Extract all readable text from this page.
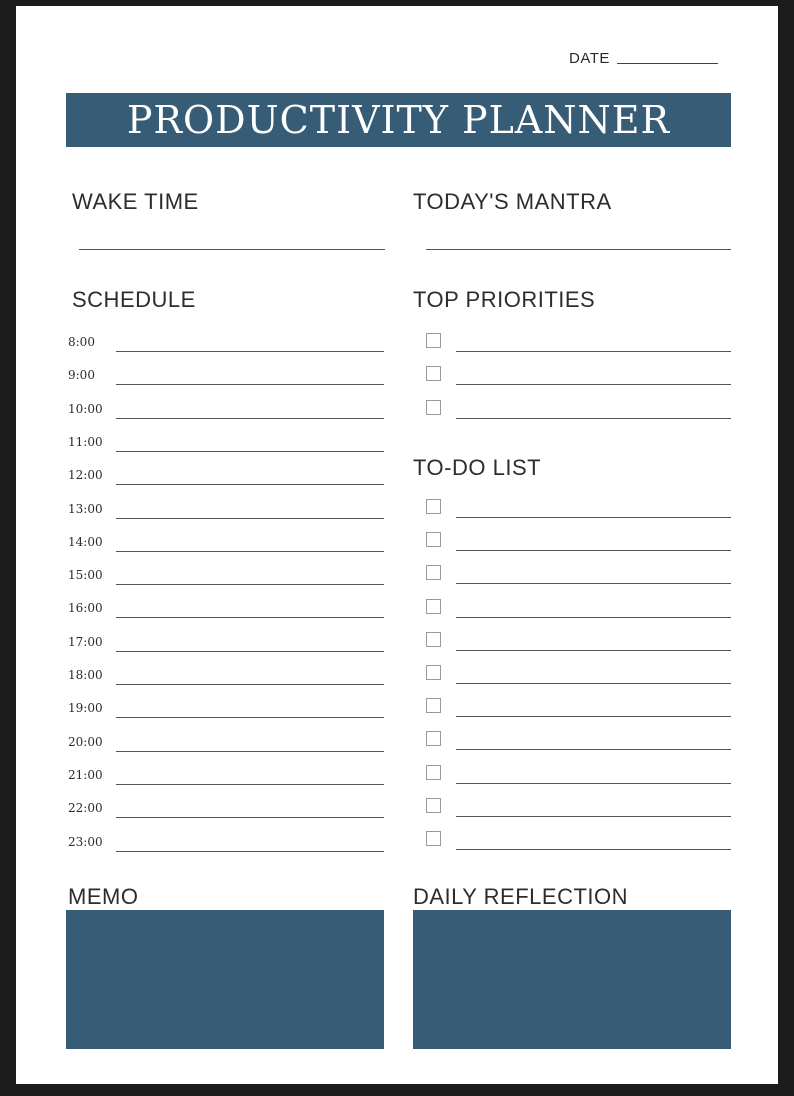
DATE
PRODUCTIVITY PLANNER
WAKE TIME	TODAY'S MANTRA
SCHEDULE
8:00
9:00
10:00
11:00
12:00
13:00
14:00
15:00
16:00
17:00
18:00
19:00
20:00
21:00
22:00
23:00
TOP PRIORITIES
TO-DO LIST
MEMO	DAILY REFLECTION
